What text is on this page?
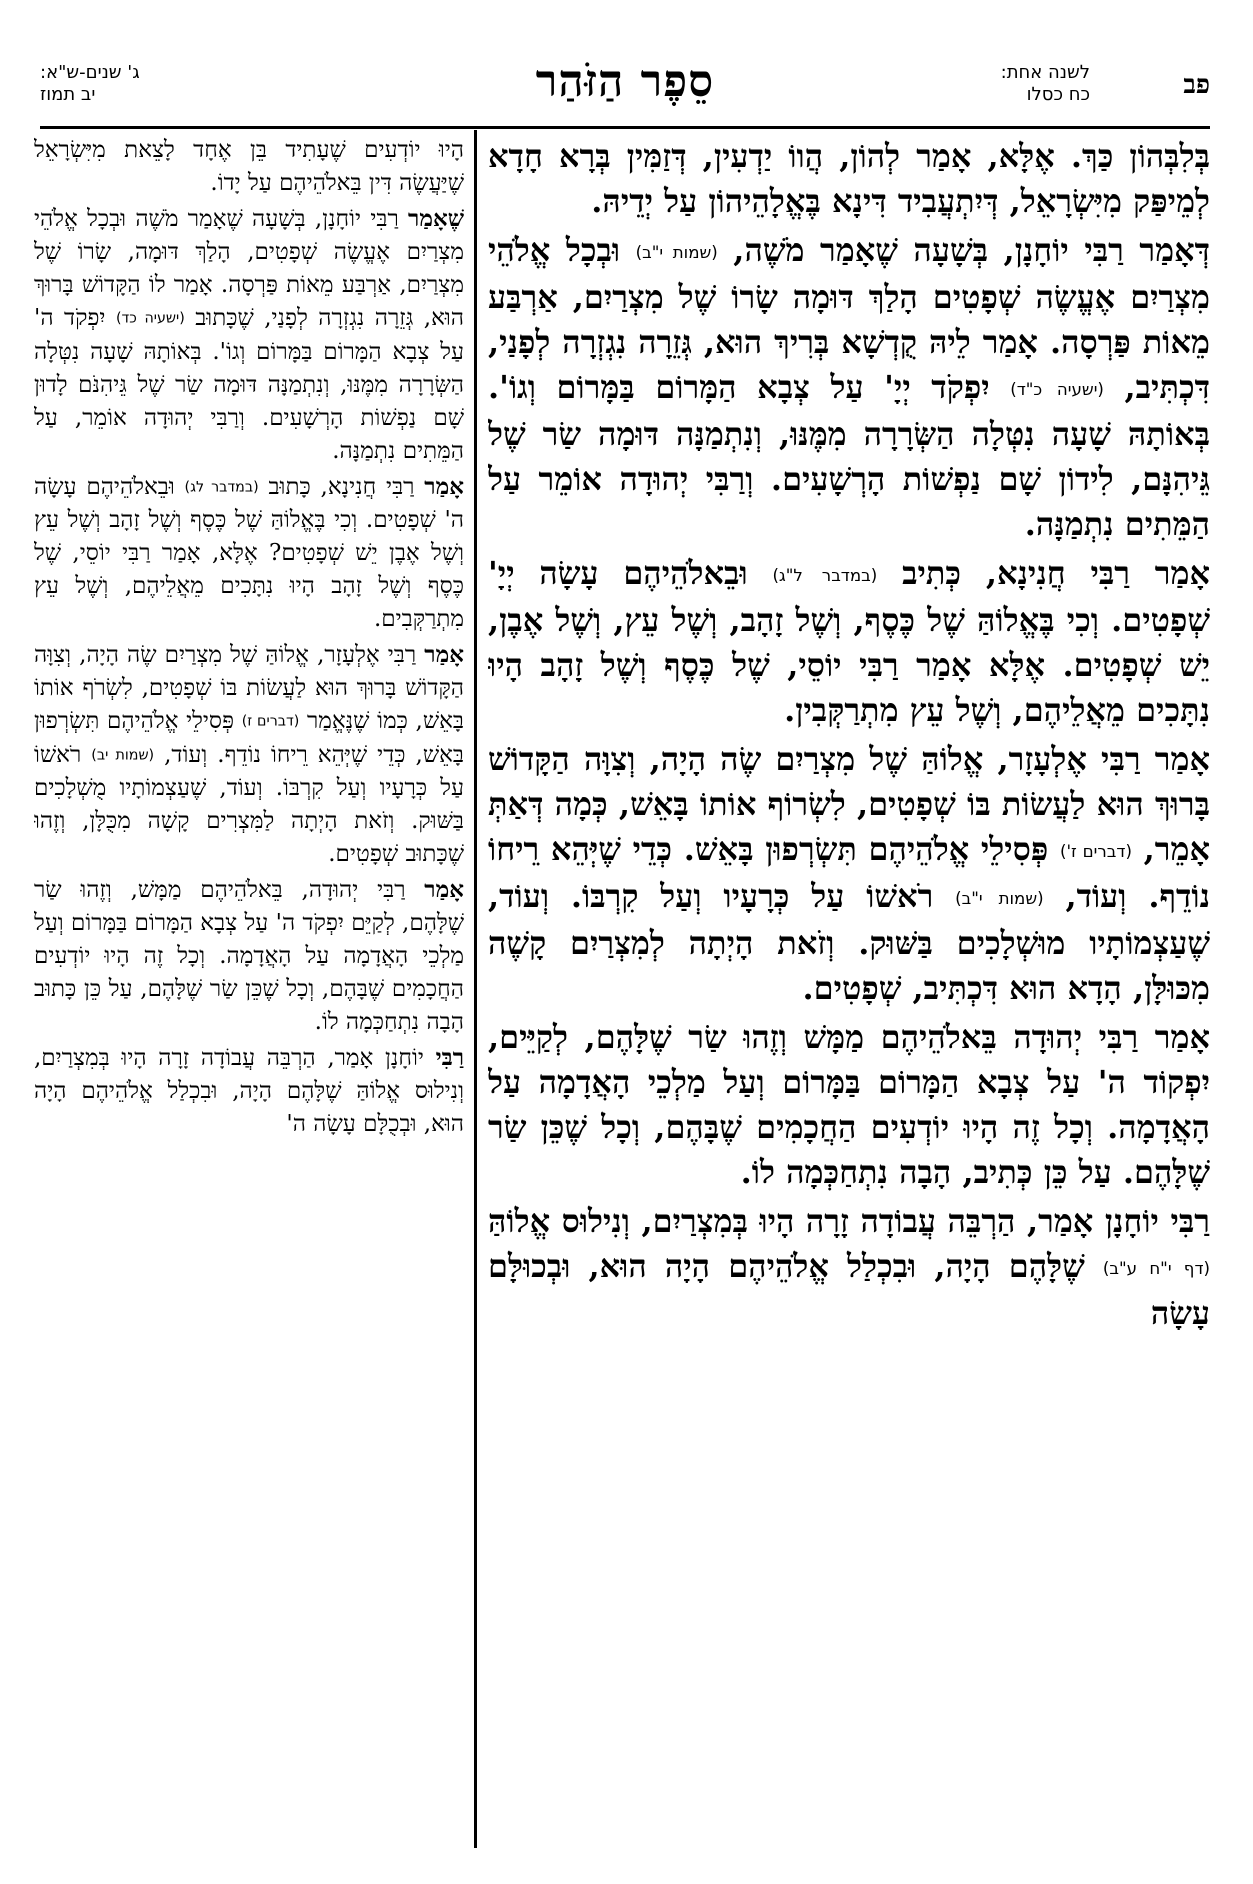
ג' שנים-ש"א:
יב תמוז	סֵפֶר הַזֹּהַר	לשנה אחת:
כח כסלו	פב

בְּלִבְּהוֹן כַּךְ. אֶלָּא, אָמַר לְהוֹן, הֲווֹ יַדְעִין, דְּזַמִּין בְּרָא חָדָא לְמֵיפַּק מִיִּשְׂרָאֵל, דְּיִתְעֲבִיד דִּינָא בֶּאֱלָהֵיהוֹן עַל יְדֵיהּ.

דְּאָמַר רַבִּי יוֹחָנָן, בְּשָׁעָה שֶׁאָמַר מֹשֶׁה, (שמות י"ב) וּבְכָל אֱלֹהֵי מִצְרַיִם אֶעֱשֶׂה שְׁפָטִים הָלַךְ דּוּמָה שָׂרוֹ שֶׁל מִצְרַיִם, אַרְבַּע מֵאוֹת פַּרְסָה. אָמַר לֵיהּ קֻדְשָׁא בְּרִיךְ הוּא, גְּזֵרָה נִגְזְרָה לְפָנַי, דִּכְתִּיב, (ישעיה כ"ד) יִפְקֹד יְיָ' עַל צְבָא הַמָּרוֹם בַּמָּרוֹם וְגוֹ'. בְּאוֹתָהּ שָׁעָה נִטְּלָה הַשְּׂרָרָה מִמֶּנּוּ, וְנִתְמַנָּה דּוּמָה שַׂר שֶׁל גֵּיהִנָּם, לִידוֹן שָׁם נַפְשׁוֹת הָרְשָׁעִים. וְרַבִּי יְהוּדָה אוֹמֵר עַל הַמֵּתִים נִתְמַנָּה.

אָמַר רַבִּי חֲנִינָא, כְּתִיב (במדבר ל"ג) וּבֵאלֹהֵיהֶם עָשָׂה יְיָ' שְׁפָטִים. וְכִי בֶּאֱלוֹהַּ שֶׁל כֶּסֶף, וְשֶׁל זָהָב, וְשֶׁל עֵץ, וְשֶׁל אֶבֶן, יֵשׁ שְׁפָטִים. אֶלָּא אָמַר רַבִּי יוֹסֵי, שֶׁל כֶּסֶף וְשֶׁל זָהָב הָיוּ נִתָּכִים מֵאֲלֵיהֶם, וְשֶׁל עֵץ מִתְרַקְּבִין.

אָמַר רַבִּי אֶלְעָזָר, אֱלוֹהַּ שֶׁל מִצְרַיִם שֶׂה הָיָה, וְצִוָּה הַקָּדוֹשׁ בָּרוּךְ הוּא לַעֲשׂוֹת בּוֹ שְׁפָטִים, לִשְׂרוֹף אוֹתוֹ בָּאֵשׁ, כְּמָה דְּאַתְּ אָמֵר, (דברים ז') פְּסִילֵי אֱלֹהֵיהֶם תִּשְׂרְפוּן בָּאֵשׁ. כְּדֵי שֶׁיְּהֵא רֵיחוֹ נוֹדֵף. וְעוֹד, (שמות י"ב) רֹאשׁוֹ עַל כְּרָעָיו וְעַל קִרְבּוֹ. וְעוֹד, שֶׁעַצְמוֹתָיו מוּשְׁלָכִים בַּשּׁוּק. וְזֹאת הָיְתָה לְמִצְרַיִם קָשֶׁה מִכּוּלָּן, הָדָא הוּא דִּכְתִּיב, שְׁפָטִים.

אָמַר רַבִּי יְהוּדָה בֵּאלֹהֵיהֶם מַמָּשׁ וְזֶהוּ שַׂר שֶׁלָּהֶם, לְקַיֵּים, יִפְקוֹד ה' עַל צְבָא הַמָּרוֹם בַּמָּרוֹם וְעַל מַלְכֵי הָאֲדָמָה עַל הָאֲדָמָה. וְכָל זֶה הָיוּ יוֹדְעִים הַחֲכָמִים שֶׁבָּהֶם, וְכָל שֶׁכֵּן שַׂר שֶׁלָּהֶם. עַל כֵּן כְּתִיב, הָבָה נִתְחַכְּמָה לוֹ.

רַבִּי יוֹחָנָן אָמַר, הַרְבֵּה עֲבוֹדָה זָרָה הָיוּ בְּמִצְרַיִם, וְנִילוּס אֱלוֹהַּ (דף י"ח ע"ב) שֶׁלָּהֶם הָיָה, וּבִכְלַל אֱלֹהֵיהֶם הָיָה הוּא, וּבְכוּלָּם עָשָׂה

הָיוּ יוֹדְעִים שֶׁעָתִיד בֵּן אֶחָד לָצֵאת מִיִּשְׂרָאֵל שֶׁיַּעֲשֶׂה דִּין בֵּאלֹהֵיהֶם עַל יָדוֹ.

שֶׁאָמַר רַבִּי יוֹחָנָן, בְּשָׁעָה שֶׁאָמַר מֹשֶׁה וּבְכָל אֱלֹהֵי מִצְרַיִם אֶעֱשֶׂה שְׁפָטִים, הָלַךְ דּוּמָה, שָׂרוֹ שֶׁל מִצְרַיִם, אַרְבַּע מֵאוֹת פַּרְסָה. אָמַר לוֹ הַקָּדוֹשׁ בָּרוּךְ הוּא, גְּזֵרָה נִגְזְרָה לְפָנַי, שֶׁכָּתוּב (ישעיה כד) יִפְקֹד ה' עַל צְבָא הַמָּרוֹם בַּמָּרוֹם וְגוֹ'. בְּאוֹתָהּ שָׁעָה נִטְּלָה הַשְּׂרָרָה מִמֶּנּוּ, וְנִתְמַנָּה דּוּמָה שַׂר שֶׁל גֵּיהִנֹּם לָדוּן שָׁם נַפְשׁוֹת הָרְשָׁעִים. וְרַבִּי יְהוּדָה אוֹמֵר, עַל הַמֵּתִים נִתְמַנָּה.

אָמַר רַבִּי חֲנִינָא, כָּתוּב (במדבר לג) וּבֵאלֹהֵיהֶם עָשָׂה ה' שְׁפָטִים. וְכִי בֶּאֱלוֹהַּ שֶׁל כֶּסֶף וְשֶׁל זָהָב וְשֶׁל עֵץ וְשֶׁל אֶבֶן יֵשׁ שְׁפָטִים? אֶלָּא, אָמַר רַבִּי יוֹסֵי, שֶׁל כֶּסֶף וְשֶׁל זָהָב הָיוּ נִתָּכִים מֵאֲלֵיהֶם, וְשֶׁל עֵץ מִתְרַקְּבִים.

אָמַר רַבִּי אֶלְעָזָר, אֱלוֹהַּ שֶׁל מִצְרַיִם שֶׂה הָיָה, וְצִוָּה הַקָּדוֹשׁ בָּרוּךְ הוּא לַעֲשׂוֹת בּוֹ שְׁפָטִים, לִשְׂרֹף אוֹתוֹ בָּאֵשׁ, כְּמוֹ שֶׁנֶּאֱמַר (דברים ז) פְּסִילֵי אֱלֹהֵיהֶם תִּשְׂרְפוּן בָּאֵשׁ, כְּדֵי שֶׁיְּהֵא רֵיחוֹ נוֹדֵף. וְעוֹד, (שמות יב) רֹאשׁוֹ עַל כְּרָעָיו וְעַל קִרְבּוֹ. וְעוֹד, שֶׁעַצְמוֹתָיו מֻשְׁלָכִים בַּשּׁוּק. וְזֹאת הָיְתָה לַמִּצְרִים קָשָׁה מִכֻּלָּן, וְזֶהוּ שֶׁכָּתוּב שְׁפָטִים.

אָמַר רַבִּי יְהוּדָה, בֵּאלֹהֵיהֶם מַמָּשׁ, וְזֶהוּ שַׂר שֶׁלָּהֶם, לְקַיֵּם יִפְקֹד ה' עַל צְבָא הַמָּרוֹם בַּמָּרוֹם וְעַל מַלְכֵי הָאֲדָמָה עַל הָאֲדָמָה. וְכָל זֶה הָיוּ יוֹדְעִים הַחֲכָמִים שֶׁבָּהֶם, וְכָל שֶׁכֵּן שַׂר שֶׁלָּהֶם, עַל כֵּן כָּתוּב הָבָה נִתְחַכְּמָה לוֹ.

רַבִּי יוֹחָנָן אָמַר, הַרְבֵּה עֲבוֹדָה זָרָה הָיוּ בְּמִצְרַיִם, וְנִילוּס אֱלוֹהַּ שֶׁלָּהֶם הָיָה, וּבִכְלַל אֱלֹהֵיהֶם הָיָה הוּא, וּבְכֻלָּם עָשָׂה ה'
